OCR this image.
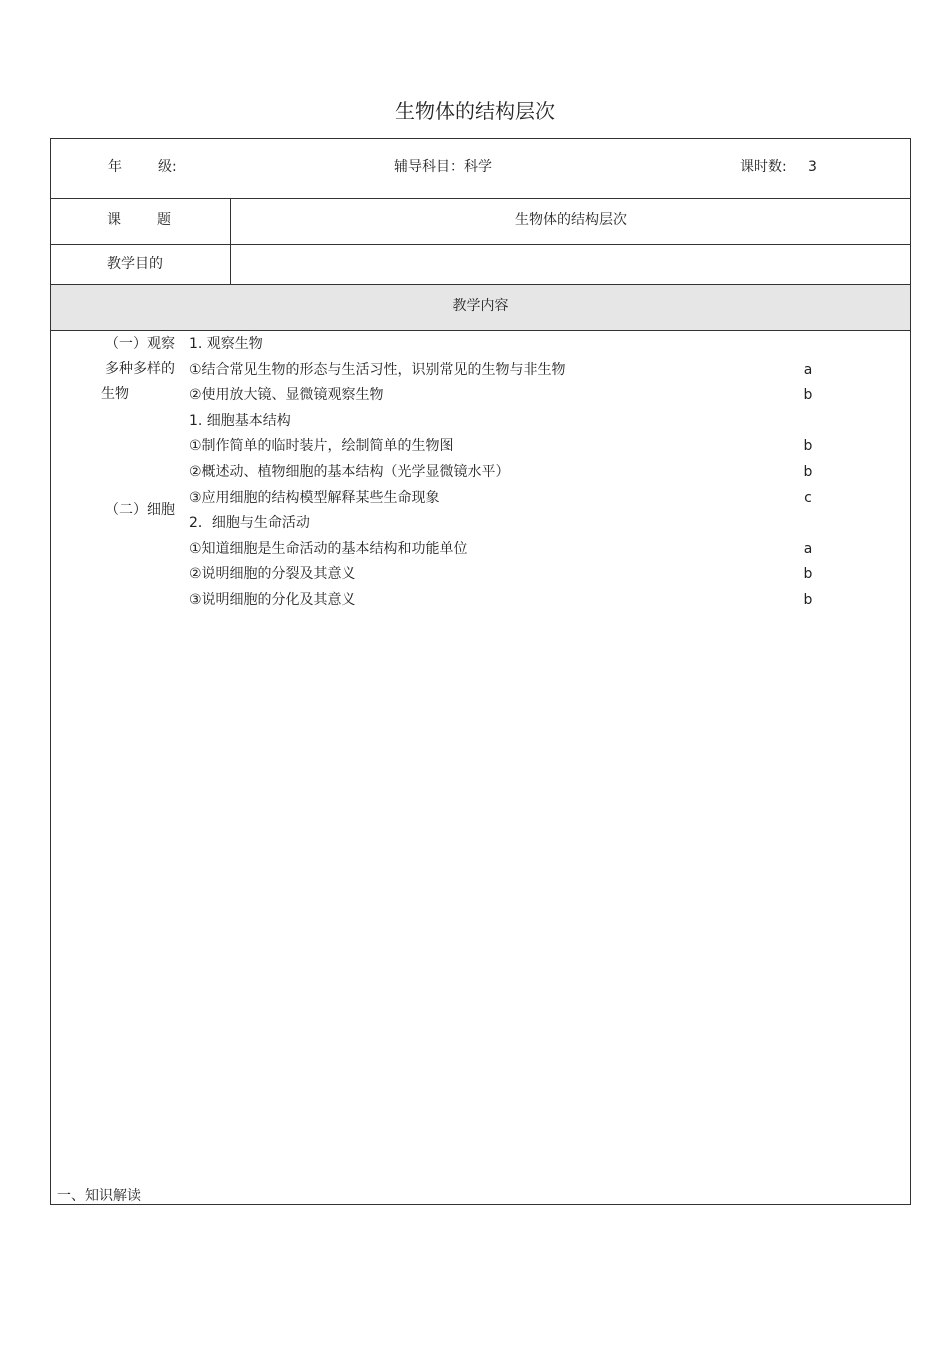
生物体的结构层次
年	级:	辅导科目：科学	课时数: 3
课	题	生物体的结构层次
教学目的
教学内容
（一）观察
多种多样的
生物
1. 观察生物
①结合常见生物的形态与生活习性，识别常见的生物与非生物	a
②使用放大镜、显微镜观察生物	b
（二）细胞
1. 细胞基本结构
①制作简单的临时装片，绘制简单的生物图	b
②概述动、植物细胞的基本结构（光学显微镜水平）	b
③应用细胞的结构模型解释某些生命现象	c
2．细胞与生命活动
①知道细胞是生命活动的基本结构和功能单位	a
②说明细胞的分裂及其意义	b
③说明细胞的分化及其意义	b
一、知识解读
